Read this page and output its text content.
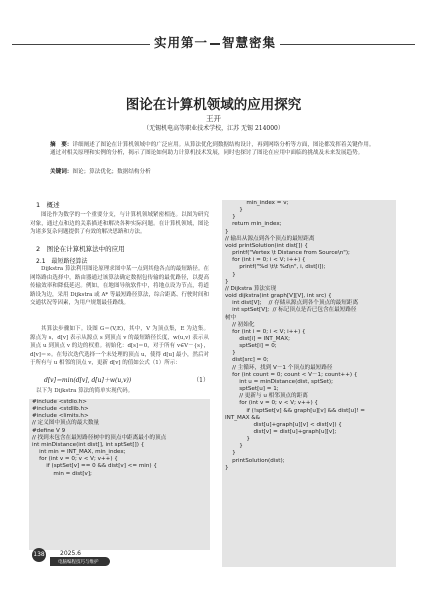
实用第一 智慧密集
图论在计算机领域的应用探究
王开
（无锡机电高等职业技术学校，江苏 无锡 214000）
摘　要：详细阐述了图论在计算机领域中的广泛应用。从算法优化到数据结构设计，再到网络分析等方面，图论都发挥着关键作用。通过对相关原理和实例的分析，揭示了图论如何助力计算机技术发展，同时也探讨了图论在应用中面临的挑战及未来发展趋势。
关键词：图论；算法优化；数据结构分析
1　概述
图论作为数学的一个重要分支，与计算机领域紧密相连。以图为研究对象，通过点和边的关系描述和解决各种实际问题。在计算机领域，图论为诸多复杂问题提供了有效的解决思路和方法。
2　图论在计算机算法中的应用
2.1　最短路径算法
Dijkstra 算法利用图论原理求图中某一点到其他各点的最短路径。在网络路由选择中，路由器通过该算法确定数据包传输的最优路径，以提高传输效率和降低延迟。例如，在地图导航软件中，将地点设为节点，将道路设为边，采用 Dijkstra 或 A* 等最短路径算法，综合距离、行驶时间和交通状况等因素，为用户规划最佳路线。
其算法步骤如下。设图 G＝(V,E)，其中，V 为顶点集，E 为边集。源点为 s，d[v] 表示从源点 s 到顶点 v 的最短路径长度，w(u,v) 表示从顶点 u 到顶点 v 的边的权重。初始化：d[s]＝0，对于所有 v∈V－{s}，d[v]＝∞。在每次迭代选择一个未处理的顶点 u，使得 d[u] 最小，然后对于所有与 u 相邻的顶点 v，更新 d[v] 的值如公式（1）所示：
d[v]＝min(d[v], d[u]＋w(u,v))	（1）
以下为 Dijkstra 算法的简单实现代码。
#include <stdio.h>
#include <stdlib.h>
#include <limits.h>
// 定义图中顶点的最大数量
#define V 9
// 找到未包含在最短路径树中的顶点中距离最小的顶点
int minDistance(int dist[], int sptSet[]) {
int min = INT_MAX, min_index;
for (int v = 0; v < V; v++) {
if (sptSet[v] == 0 && dist[v] <= min) {
min = dist[v];
min_index = v;
}
}
return min_index;
}
// 输出从源点到各个顶点的最短距离
void printSolution(int dist[]) {
printf("Vertex \t Distance from Source\n");
for (int i = 0; i < V; i++) {
printf("%d \t\t %d\n", i, dist[i]);
}
}
// Dijkstra 算法实现
void dijkstra(int graph[V][V], int src) {
int dist[V];    // 存储从源点到各个顶点的最短距离
int sptSet[V];  // 标记顶点是否已包含在最短路径
树中
// 初始化
for (int i = 0; i < V; i++) {
dist[i] = INT_MAX;
sptSet[i] = 0;
}
dist[src] = 0;
// 主循环，找到 V－1 个顶点的最短路径
for (int count = 0; count < V－1; count++) {
int u = minDistance(dist, sptSet);
sptSet[u] = 1;
// 更新与 u 相邻顶点的距离
for (int v = 0; v < V; v++) {
if (!sptSet[v] && graph[u][v] && dist[u]! =
INT_MAX &&
dist[u]+graph[u][v] < dist[v]) {
dist[v] = dist[u]+graph[u][v];
}
}
}
printSolution(dist);
}
138	2025.6
电脑编程技巧与维护
